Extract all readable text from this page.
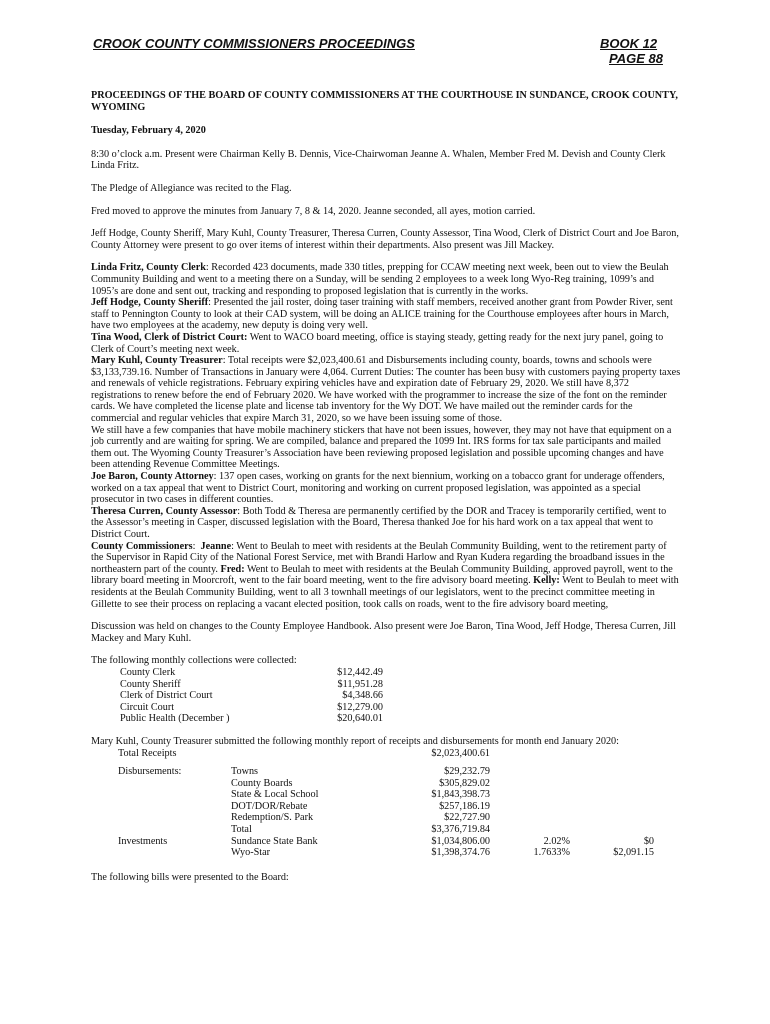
CROOK COUNTY COMMISSIONERS PROCEEDINGS	BOOK 12
PAGE 88

PROCEEDINGS OF THE BOARD OF COUNTY COMMISSIONERS AT THE COURTHOUSE IN SUNDANCE, CROOK COUNTY, WYOMING

Tuesday, February 4, 2020

8:30 o’clock a.m. Present were Chairman Kelly B. Dennis, Vice-Chairwoman Jeanne A. Whalen, Member Fred M. Devish and County Clerk Linda Fritz.

The Pledge of Allegiance was recited to the Flag.

Fred moved to approve the minutes from January 7, 8 & 14, 2020. Jeanne seconded, all ayes, motion carried.

Jeff Hodge, County Sheriff, Mary Kuhl, County Treasurer, Theresa Curren, County Assessor, Tina Wood, Clerk of District Court and Joe Baron, County Attorney were present to go over items of interest within their departments. Also present was Jill Mackey.

Linda Fritz, County Clerk: Recorded 423 documents, made 330 titles, prepping for CCAW meeting next week, been out to view the Beulah Community Building and went to a meeting there on a Sunday, will be sending 2 employees to a week long Wyo-Reg training, 1099’s and 1095’s are done and sent out, tracking and responding to proposed legislation that is currently in the works.

Jeff Hodge, County Sheriff: Presented the jail roster, doing taser training with staff members, received another grant from Powder River, sent staff to Pennington County to look at their CAD system, will be doing an ALICE training for the Courthouse employees after hours in March, have two employees at the academy, new deputy is doing very well.

Tina Wood, Clerk of District Court: Went to WACO board meeting, office is staying steady, getting ready for the next jury panel, going to Clerk of Court’s meeting next week.

Mary Kuhl, County Treasurer: Total receipts were $2,023,400.61 and Disbursements including county, boards, towns and schools were $3,133,739.16. Number of Transactions in January were 4,064. Current Duties: The counter has been busy with customers paying property taxes and renewals of vehicle registrations. February expiring vehicles have and expiration date of February 29, 2020. We still have 8,372 registrations to renew before the end of February 2020. We have worked with the programmer to increase the size of the font on the reminder cards. We have completed the license plate and license tab inventory for the Wy DOT. We have mailed out the reminder cards for the commercial and regular vehicles that expire March 31, 2020, so we have been issuing some of those.

We still have a few companies that have mobile machinery stickers that have not been issues, however, they may not have that equipment on a job currently and are waiting for spring. We are compiled, balance and prepared the 1099 Int. IRS forms for tax sale participants and mailed them out. The Wyoming County Treasurer’s Association have been reviewing proposed legislation and possible upcoming changes and have been attending Revenue Committee Meetings.

Joe Baron, County Attorney: 137 open cases, working on grants for the next biennium, working on a tobacco grant for underage offenders, worked on a tax appeal that went to District Court, monitoring and working on current proposed legislation, was appointed as a special prosecutor in two cases in different counties.

Theresa Curren, County Assessor: Both Todd & Theresa are permanently certified by the DOR and Tracey is temporarily certified, went to the Assessor’s meeting in Casper, discussed legislation with the Board, Theresa thanked Joe for his hard work on a tax appeal that went to District Court.

County Commissioners:  Jeanne: Went to Beulah to meet with residents at the Beulah Community Building, went to the retirement party of the Supervisor in Rapid City of the National Forest Service, met with Brandi Harlow and Ryan Kudera regarding the broadband issues in the northeastern part of the county. Fred: Went to Beulah to meet with residents at the Beulah Community Building, approved payroll, went to the library board meeting in Moorcroft, went to the fair board meeting, went to the fire advisory board meeting. Kelly: Went to Beulah to meet with residents at the Beulah Community Building, went to all 3 townhall meetings of our legislators, went to the precinct committee meeting in Gillette to see their process on replacing a vacant elected position, took calls on roads, went to the fire advisory board meeting,

Discussion was held on changes to the County Employee Handbook. Also present were Joe Baron, Tina Wood, Jeff Hodge, Theresa Curren, Jill Mackey and Mary Kuhl.

The following monthly collections were collected:
County Clerk	$12,442.49
County Sheriff	$11,951.28
Clerk of District Court	$4,348.66
Circuit Court	$12,279.00
Public Health (December )	$20,640.01
Mary Kuhl, County Treasurer submitted the following monthly report of receipts and disbursements for month end January 2020:
Total Receipts		$2,023,400.61		

Disbursements:	Towns	$29,232.79		
	County Boards	$305,829.02		
	State & Local School	$1,843,398.73		
	DOT/DOR/Rebate	$257,186.19		
	Redemption/S. Park	$22,727.90		
	Total	$3,376,719.84		
Investments	Sundance State Bank	$1,034,806.00	2.02%	$0
	Wyo-Star	$1,398,374.76	1.7633%	$2,091.15

The following bills were presented to the Board:
